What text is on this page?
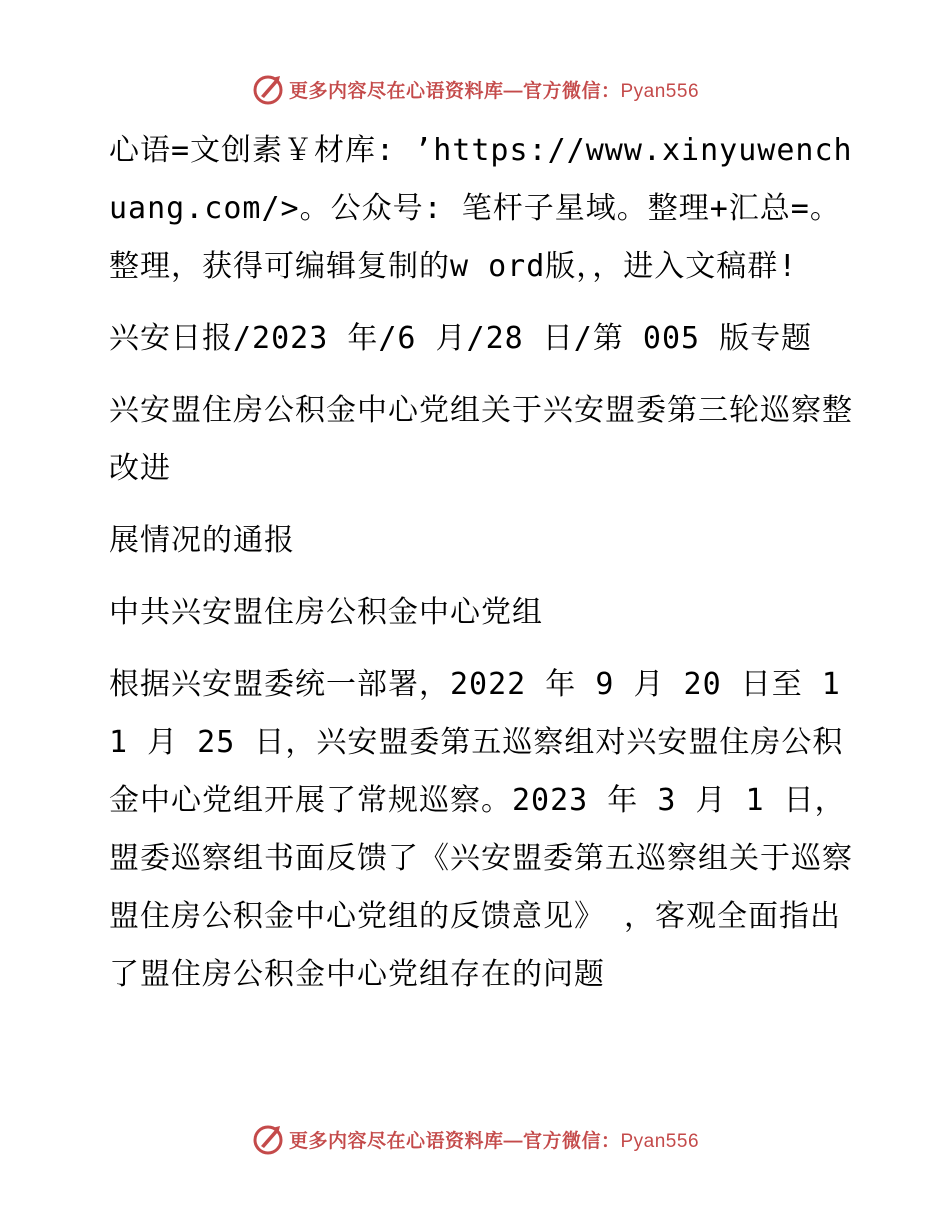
更多内容尽在心语资料库—官方微信：Pyan556

心语=文创素￥材库: ’https://www.xinyuwenchuang.com/>。公众号: 笔杆子星域。整理+汇总=。整理，获得可编辑复制的w ord版，，进入文稿群!

兴安日报/2023 年/6 月/28 日/第 005 版专题

兴安盟住房公积金中心党组关于兴安盟委第三轮巡察整改进

展情况的通报

中共兴安盟住房公积金中心党组

根据兴安盟委统一部署，2022 年 9 月 20 日至 11 月 25 日，兴安盟委第五巡察组对兴安盟住房公积金中心党组开展了常规巡察。2023 年 3 月 1 日，盟委巡察组书面反馈了《兴安盟委第五巡察组关于巡察盟住房公积金中心党组的反馈意见》 ，客观全面指出了盟住房公积金中心党组存在的问题

更多内容尽在心语资料库—官方微信：Pyan556
